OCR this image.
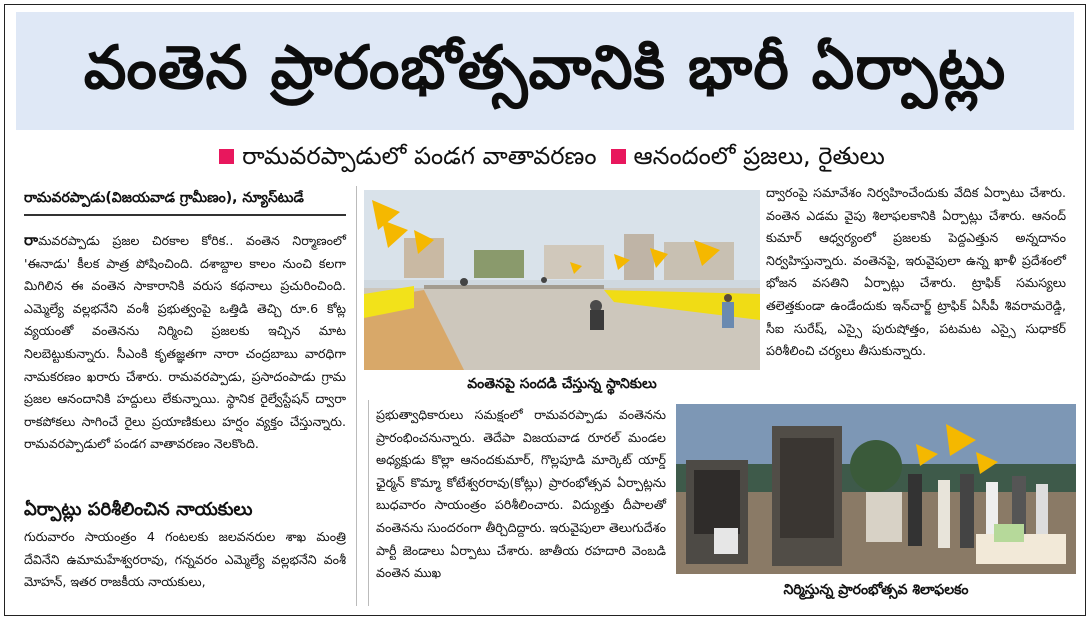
వంతెన ప్రారంభోత్సవానికి భారీ ఏర్పాట్లు
రామవరప్పాడులో పండగ వాతావరణం ఆనందంలో ప్రజలు, రైతులు
రామవరప్పాడు(విజయవాడ గ్రామీణం), న్యూస్‌టుడే

రామవరప్పాడు ప్రజల చిరకాల కోరిక.. వంతెన నిర్మాణంలో 'ఈనాడు' కీలక పాత్ర పోషించింది. దశాబ్దాల కాలం నుంచి కలగా మిగిలిన ఈ వంతెన సాకారానికి వరుస కథనాలు ప్రచురించింది. ఎమ్మెల్యే వల్లభనేని వంశీ ప్రభుత్వంపై ఒత్తిడి తెచ్చి రూ.6 కోట్ల వ్యయంతో వంతెనను నిర్మించి ప్రజలకు ఇచ్చిన మాట నిలబెట్టుకున్నారు. సీఎంకి కృతజ్ఞతగా నారా చంద్రబాబు వారధిగా నామకరణం ఖరారు చేశారు. రామవరప్పాడు, ప్రసాదంపాడు గ్రామ ప్రజల ఆనందానికి హద్దులు లేకున్నాయి. స్థానిక రైల్వేస్టేషన్ ద్వారా రాకపోకలు సాగించే రైలు ప్రయాణికులు హర్షం వ్యక్తం చేస్తున్నారు. రామవరప్పాడులో పండగ వాతావరణం నెలకొంది.

ఏర్పాట్లు పరిశీలించిన నాయకులు

గురువారం సాయంత్రం 4 గంటలకు జలవనరుల శాఖ మంత్రి దేవినేని ఉమామహేశ్వరరావు, గన్నవరం ఎమ్మెల్యే వల్లభనేని వంశీ మోహన్, ఇతర రాజకీయ నాయకులు,

వంతెనపై సందడి చేస్తున్న స్థానికులు

ద్వారంపై సమావేశం నిర్వహించేందుకు వేదిక ఏర్పాటు చేశారు. వంతెన ఎడమ వైపు శిలాఫలకానికి ఏర్పాట్లు చేశారు. ఆనంద్ కుమార్ ఆధ్వర్యంలో ప్రజలకు పెద్దఎత్తున అన్నదానం నిర్వహిస్తున్నారు. వంతెనపై, ఇరువైపులా ఉన్న ఖాళీ ప్రదేశంలో భోజన వసతిని ఏర్పాట్లు చేశారు. ట్రాఫిక్ సమస్యలు తలెత్తకుండా ఉండేందుకు ఇన్‌చార్జ్ ట్రాఫిక్ ఏసీపీ శివరామరెడ్డి, సీఐ సురేష్, ఎస్సై పురుషోత్తం, పటమట ఎస్సై సుధాకర్ పరిశీలించి చర్యలు తీసుకున్నారు.

ప్రభుత్వాధికారులు సమక్షంలో రామవరప్పాడు వంతెనను ప్రారంభించనున్నారు. తెదేపా విజయవాడ రూరల్ మండల అధ్యక్షుడు కొల్లా ఆనందకుమార్, గొల్లపూడి మార్కెట్ యార్డ్ ఛైర్మన్ కొమ్మా కోటేశ్వరరావు(కోట్లు) ప్రారంభోత్సవ ఏర్పాట్లను బుధవారం సాయంత్రం పరిశీలించారు. విద్యుత్తు దీపాలతో వంతెనను సుందరంగా తీర్చిదిద్దారు. ఇరువైపులా తెలుగుదేశం పార్టీ జెండాలు ఏర్పాటు చేశారు. జాతీయ రహదారి వెంబడి వంతెన ముఖ

నిర్మిస్తున్న ప్రారంభోత్సవ శిలాఫలకం
